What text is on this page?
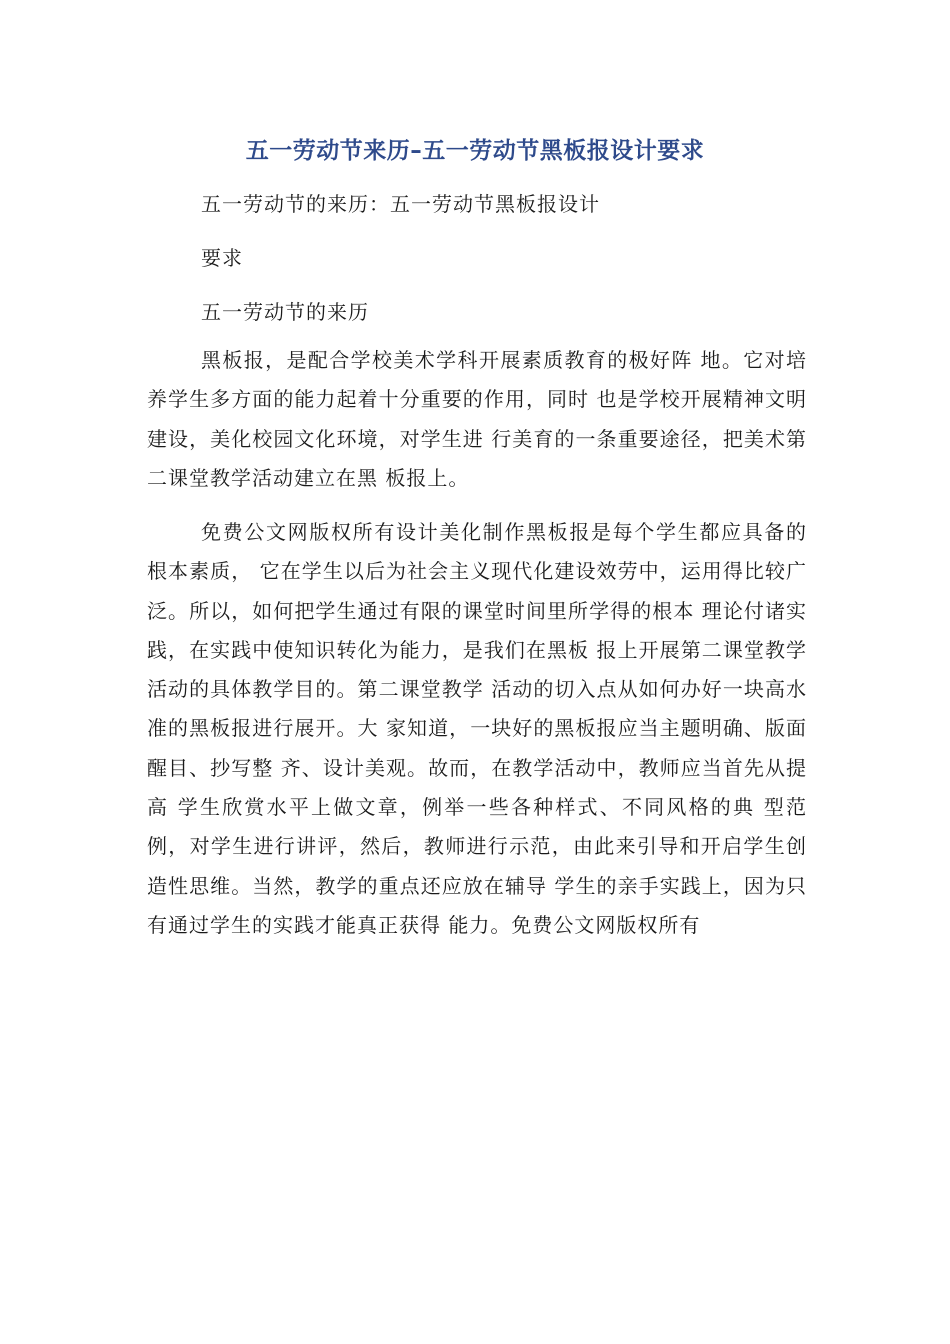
五一劳动节来历–五一劳动节黑板报设计要求
五一劳动节的来历：五一劳动节黑板报设计
要求
五一劳动节的来历

黑板报，是配合学校美术学科开展素质教育的极好阵 地。它对培养学生多方面的能力起着十分重要的作用，同时 也是学校开展精神文明建设，美化校园文化环境，对学生进 行美育的一条重要途径，把美术第二课堂教学活动建立在黑 板报上。

免费公文网版权所有设计美化制作黑板报是每个学生都应具备的根本素质， 它在学生以后为社会主义现代化建设效劳中，运用得比较广 泛。所以，如何把学生通过有限的课堂时间里所学得的根本 理论付诸实践，在实践中使知识转化为能力，是我们在黑板 报上开展第二课堂教学活动的具体教学目的。第二课堂教学 活动的切入点从如何办好一块高水准的黑板报进行展开。大 家知道，一块好的黑板报应当主题明确、版面醒目、抄写整 齐、设计美观。故而，在教学活动中，教师应当首先从提高 学生欣赏水平上做文章，例举一些各种样式、不同风格的典 型范例，对学生进行讲评，然后，教师进行示范，由此来引导和开启学生创造性思维。当然，教学的重点还应放在辅导 学生的亲手实践上，因为只有通过学生的实践才能真正获得 能力。免费公文网版权所有
